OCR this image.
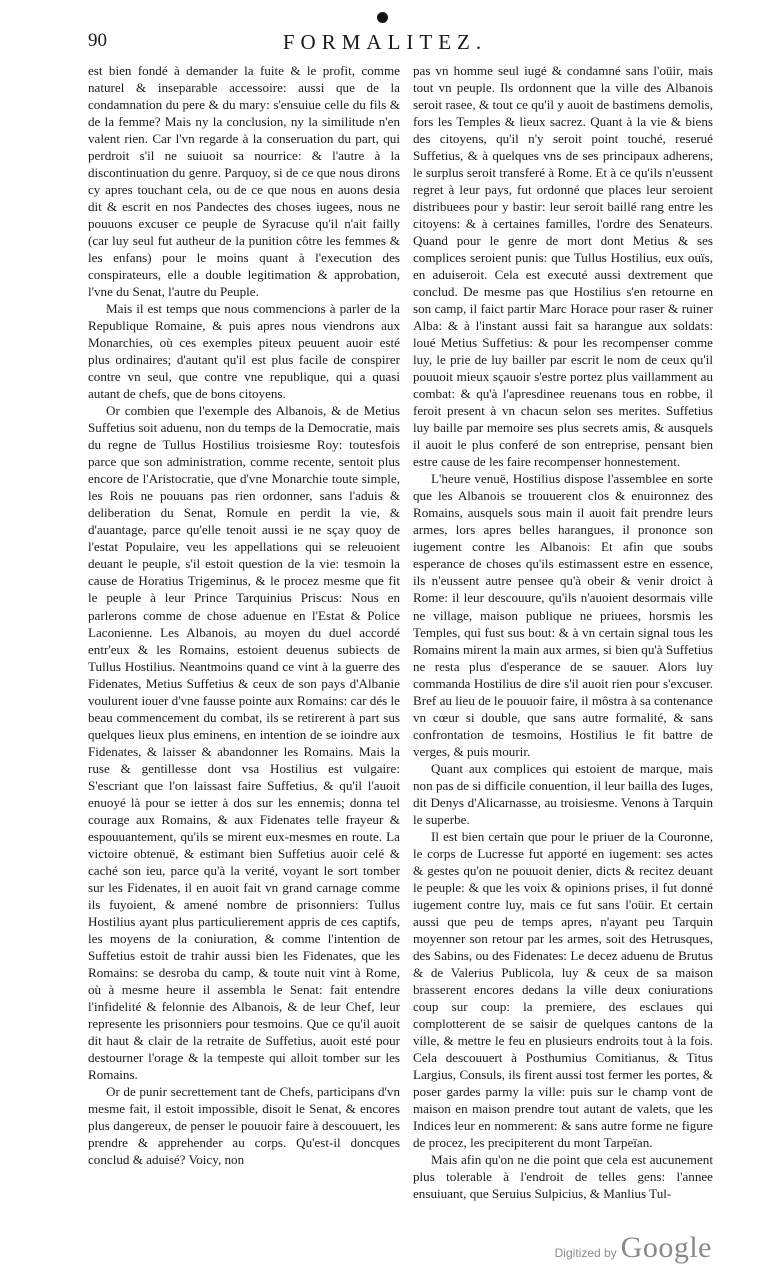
90	FORMALITEZ.

est bien fondé à demander la fuite & le profit, comme naturel & inseparable accessoire: aussi que de la condamnation du pere & du mary: s'ensuiue celle du fils & de la femme? Mais ny la conclusion, ny la similitude n'en valent rien. Car l'vn regarde à la conseruation du part, qui perdroit s'il ne suiuoit sa nourrice: & l'autre à la discontinuation du genre. Parquoy, si de ce que nous dirons cy apres touchant cela, ou de ce que nous en auons desia dit & escrit en nos Pandectes des choses iugees, nous ne pouuons excuser ce peuple de Syracuse qu'il n'ait failly (car luy seul fut autheur de la punition côtre les femmes & les enfans) pour le moins quant à l'execution des conspirateurs, elle a double legitimation & approbation, l'vne du Senat, l'autre du Peuple.

Mais il est temps que nous commencions à parler de la Republique Romaine, & puis apres nous viendrons aux Monarchies, où ces exemples piteux peuuent auoir esté plus ordinaires; d'autant qu'il est plus facile de conspirer contre vn seul, que contre vne republique, qui a quasi autant de chefs, que de bons citoyens.

Or combien que l'exemple des Albanois, & de Metius Suffetius soit aduenu, non du temps de la Democratie, mais du regne de Tullus Hostilius troisiesme Roy: toutesfois parce que son administration, comme recente, sentoit plus encore de l'Aristocratie, que d'vne Monarchie toute simple, les Rois ne pouuans pas rien ordonner, sans l'aduis & deliberation du Senat, Romule en perdit la vie, & d'auantage, parce qu'elle tenoit aussi ie ne sçay quoy de l'estat Populaire, veu les appellations qui se releuoient deuant le peuple, s'il estoit question de la vie: tesmoin la cause de Horatius Trigeminus, & le procez mesme que fit le peuple à leur Prince Tarquinius Priscus: Nous en parlerons comme de chose aduenue en l'Estat & Police Laconienne. Les Albanois, au moyen du duel accordé entr'eux & les Romains, estoient deuenus subiects de Tullus Hostilius. Neantmoins quand ce vint à la guerre des Fidenates, Metius Suffetius & ceux de son pays d'Albanie voulurent iouer d'vne fausse pointe aux Romains: car dés le beau commencement du combat, ils se retirerent à part sus quelques lieux plus eminens, en intention de se ioindre aux Fidenates, & laisser & abandonner les Romains. Mais la ruse & gentillesse dont vsa Hostilius est vulgaire: S'escriant que l'on laissast faire Suffetius, & qu'il l'auoit enuoyé là pour se ietter à dos sur les ennemis; donna tel courage aux Romains, & aux Fidenates telle frayeur & espouuantement, qu'ils se mirent eux-mesmes en route. La victoire obtenuë, & estimant bien Suffetius auoir celé & caché son ieu, parce qu'à la verité, voyant le sort tomber sur les Fidenates, il en auoit fait vn grand carnage comme ils fuyoient, & amené nombre de prisonniers: Tullus Hostilius ayant plus particulierement appris de ces captifs, les moyens de la coniuration, & comme l'intention de Suffetius estoit de trahir aussi bien les Fidenates, que les Romains: se desroba du camp, & toute nuit vint à Rome, où à mesme heure il assembla le Senat: fait entendre l'infidelité & felonnie des Albanois, & de leur Chef, leur represente les prisonniers pour tesmoins. Que ce qu'il auoit dit haut & clair de la retraite de Suffetius, auoit esté pour destourner l'orage & la tempeste qui alloit tomber sur les Romains.

Or de punir secrettement tant de Chefs, participans d'vn mesme fait, il estoit impossible, disoit le Senat, & encores plus dangereux, de penser le pouuoir faire à descouuert, les prendre & apprehender au corps. Qu'est-il doncques conclud & aduisé? Voicy, non

pas vn homme seul iugé & condamné sans l'oüir, mais tout vn peuple. Ils ordonnent que la ville des Albanois seroit rasee, & tout ce qu'il y auoit de bastimens demolis, fors les Temples & lieux sacrez. Quant à la vie & biens des citoyens, qu'il n'y seroit point touché, reserué Suffetius, & à quelques vns de ses principaux adherens, le surplus seroit transferé à Rome. Et à ce qu'ils n'eussent regret à leur pays, fut ordonné que places leur seroient distribuees pour y bastir: leur seroit baillé rang entre les citoyens: & à certaines familles, l'ordre des Senateurs. Quand pour le genre de mort dont Metius & ses complices seroient punis: que Tullus Hostilius, eux ouïs, en aduiseroit. Cela est executé aussi dextrement que conclud. De mesme pas que Hostilius s'en retourne en son camp, il faict partir Marc Horace pour raser & ruiner Alba: & à l'instant aussi fait sa harangue aux soldats: loué Metius Suffetius: & pour les recompenser comme luy, le prie de luy bailler par escrit le nom de ceux qu'il pouuoit mieux sçauoir s'estre portez plus vaillamment au combat: & qu'à l'apresdinee reuenans tous en robbe, il feroit present à vn chacun selon ses merites. Suffetius luy baille par memoire ses plus secrets amis, & ausquels il auoit le plus conferé de son entreprise, pensant bien estre cause de les faire recompenser honnestement.

L'heure venuë, Hostilius dispose l'assemblee en sorte que les Albanois se trouuerent clos & enuironnez des Romains, ausquels sous main il auoit fait prendre leurs armes, lors apres belles harangues, il prononce son iugement contre les Albanois: Et afin que soubs esperance de choses qu'ils estimassent estre en essence, ils n'eussent autre pensee qu'à obeir & venir droict à Rome: il leur descouure, qu'ils n'auoient desormais ville ne village, maison publique ne priuees, horsmis les Temples, qui fust sus bout: & à vn certain signal tous les Romains mirent la main aux armes, si bien qu'à Suffetius ne resta plus d'esperance de se sauuer. Alors luy commanda Hostilius de dire s'il auoit rien pour s'excuser. Bref au lieu de le pouuoir faire, il môstra à sa contenance vn cœur si double, que sans autre formalité, & sans confrontation de tesmoins, Hostilius le fit battre de verges, & puis mourir.

Quant aux complices qui estoient de marque, mais non pas de si difficile conuention, il leur bailla des Iuges, dit Denys d'Alicarnasse, au troisiesme. Venons à Tarquin le superbe.

Il est bien certain que pour le priuer de la Couronne, le corps de Lucresse fut apporté en iugement: ses actes & gestes qu'on ne pouuoit denier, dicts & recitez deuant le peuple: & que les voix & opinions prises, il fut donné iugement contre luy, mais ce fut sans l'oüir. Et certain aussi que peu de temps apres, n'ayant peu Tarquin moyenner son retour par les armes, soit des Hetrusques, des Sabins, ou des Fidenates: Le decez aduenu de Brutus & de Valerius Publicola, luy & ceux de sa maison brasserent encores dedans la ville deux coniurations coup sur coup: la premiere, des esclaues qui complotterent de se saisir de quelques cantons de la ville, & mettre le feu en plusieurs endroits tout à la fois. Cela descouuert à Posthumius Comitianus, & Titus Largius, Consuls, ils firent aussi tost fermer les portes, & poser gardes parmy la ville: puis sur le champ vont de maison en maison prendre tout autant de valets, que les Indices leur en nommerent: & sans autre forme ne figure de procez, les precipiterent du mont Tarpeïan.

Mais afin qu'on ne die point que cela est aucunement plus tolerable à l'endroit de telles gens: l'annee ensuiuant, que Seruius Sulpicius, & Manlius Tul-

Digitized by Google
